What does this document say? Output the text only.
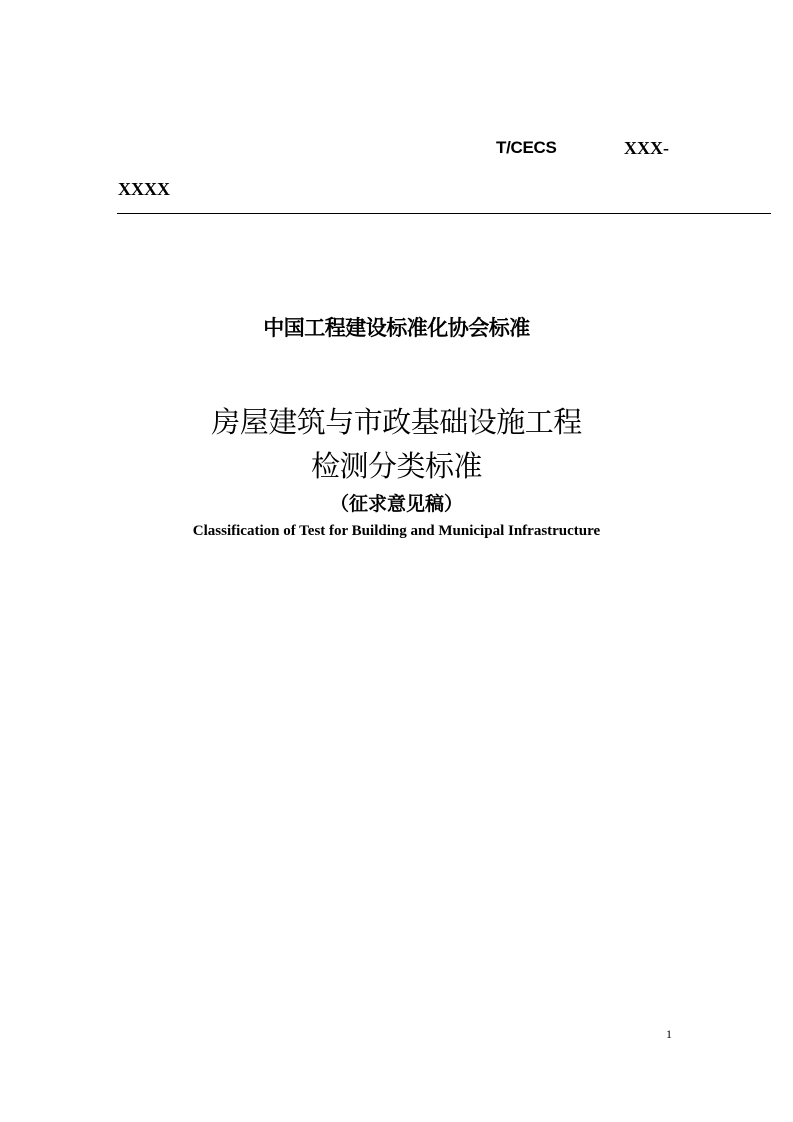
T/CECS	XXX-
XXXX
中国工程建设标准化协会标准
房屋建筑与市政基础设施工程
检测分类标准
（征求意见稿）
Classification of Test for Building and Municipal Infrastructure
1
